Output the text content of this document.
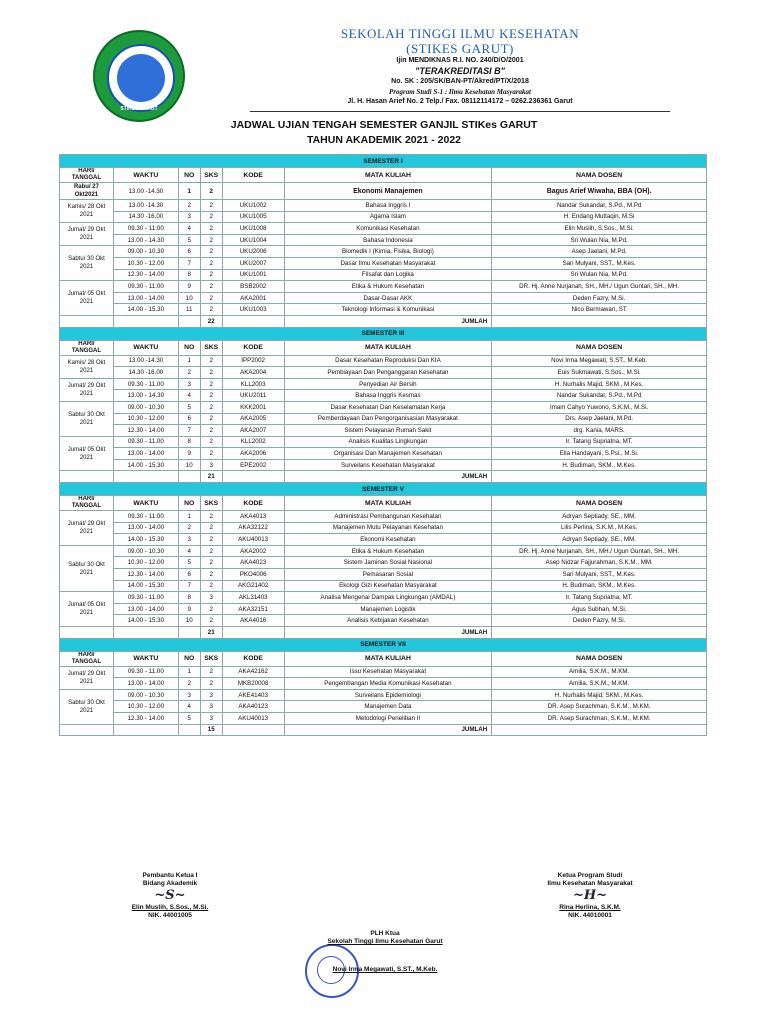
STIKES GARUT
SEKOLAH TINGGI ILMU KESEHATAN
(STIKES GARUT)
Ijin MENDIKNAS R.I. NO. 240/D/O/2001
"TERAKREDITASI B"
No. SK : 205/SK/BAN-PT/Akred/PT/X/2018
Program Studi S-1 : Ilmu Kesehatan Masyarakat
Jl. H. Hasan Arief No. 2 Telp./ Fax. 08112114172 – 0262.236361 Garut
JADWAL UJIAN TENGAH SEMESTER GANJIL STIKes GARUT
TAHUN AKADEMIK 2021 - 2022
SEMESTER I						
HARI/ TANGGAL	WAKTU	NO	SKS	KODE	MATA KULIAH	NAMA DOSEN
Rabu/ 27 Okt2021	13.00 -14.30	1	2		Ekonomi Manajemen	Bagus Arief Wiwaha, BBA (OH).
Kamis/ 28 Okt 2021	13.00 -14.30	2	2	UKU1002	Bahasa Inggris I	Nandar Sukandar, S.Pd., M.Pd
	14.30 -16.00	3	2	UKU1005	Agama Islam	H. Endang Muttaqin, M.Si
Jumat/ 29 Okt 2021	09.30 - 11.00	4	2	UKU1008	Komunikasi Kesehatan	Elin Muslih, S.Sos., M.Si.
	13.00 - 14.30	5	2	UKU1004	Bahasa Indonesia	Sri Wulan Nia, M.Pd.
Sabtu/ 30 Okt 2021	09.00 - 10.30	6	2	UKU2006	Biomedik I (Kimia, Fisika, Biologi)	Asep Jaelani, M.Pd.
	10.30 - 12.00	7	2	UKU2007	Dasar Ilmu Kesehatan Masyarakat	Sari Mulyani, SST., M.Kes.
	12.30 - 14.00	8	2	UKU1001	Filsafat dan Logika	Sri Wulan Nia, M.Pd.
Jumat/ 05 Okt 2021	09.30 - 11.00	9	2	BSB2002	Etika & Hukum Kesehatan	DR. Hj. Anne Nurjanah, SH., MH./ Ugun Guntari, SH., MH.
	13.00 - 14.00	10	2	AKA2001	Dasar-Dasar AKK	Deden Fazry, M.Si.
	14.00 - 15.30	11	2	UKU1003	Teknologi Informasi & Komunikasi	Nico Bermawan, ST
			22		JUMLAH	
SEMESTER III						
HARI/ TANGGAL	WAKTU	NO	SKS	KODE	MATA KULIAH	NAMA DOSEN
Kamis/ 28 Okt 2021	13.00 -14.30	1	2	IPP2002	Dasar Kesehatan Reproduksi Dan KIA	Novi Irma Megawati, S.ST., M.Keb.
	14.30 -16.00	2	2	AKA2004	Pembiayaan Dan Penganggaran Kesehatan	Euis Sukmawati, S.Sos., M.Si.
Jumat/ 29 Okt 2021	09.30 - 11.00	3	2	KLL2003	Penyedian Air Bersih	H. Nurhalis Majid, SKM., M.Kes.
	13.00 - 14.30	4	2	UKU2011	Bahasa Inggris Kesmas	Nandar Sukandar, S.Pd., M.Pd
Sabtu/ 30 Okt 2021	09.00 - 10.30	5	2	KKK2001	Dasar Kesehatan Dan Keselamatan Kerja	Imam Cahyo Yuwono, S.K.M., M.Si.
	10.30 - 12.00	6	2	AKA2005	Pemberdayaan Dan Pengorganisasian Masyarakat	Drs. Asep Jaelani, M.Pd.
	12.30 - 14.00	7	2	AKA2007	Sistem Pelayanan Rumah Sakit	drg. Kania, MARS.
Jumat/ 05 Okt 2021	09.30 - 11.00	8	2	KLL2002	Analisis Kualitas Lingkungan	Ir. Tatang Supriatna, MT.
	13.00 - 14.00	9	2	AKA2006	Organisasi Dan Manajemen Kesehatan	Ella Handayani, S.Psi., M.Si.
	14.00 - 15.30	10	3	EPE2002	Surveilans Kesehatan Masyarakat	H. Budiman, SKM., M.Kes.
			21		JUMLAH	
SEMESTER V						
HARI/ TANGGAL	WAKTU	NO	SKS	KODE	MATA KULIAH	NAMA DOSEN
Jumat/ 29 Okt 2021	09.30 - 11.00	1	2	AKA4013	Administrasi Pembangunan Kesehatan	Adryan Septiady, SE., MM.
	13.00 - 14.00	2	2	AKA32122	Manajemen Mutu Pelayanan Kesehatan	Lilis Perlina, S.K.M., M.Kes.
	14.00 - 15.30	3	2	AKU40013	Ekonomi Kesehatan	Adryan Septiady, SE., MM.
Sabtu/ 30 Okt 2021	09.00 - 10.30	4	2	AKA2002	Etika & Hukum Kesehatan	DR. Hj. Anne Nurjanah, SH., MH./ Ugun Guntari, SH., MH.
	10.30 - 12.00	5	2	AKA4023	Sistem Jaminan Sosial Nasional	Asep Nidzar Fajjurahman, S.K.M., MM.
	12.30 - 14.00	6	2	PKO4006	Pemasaran Sosial	Sari Mulyani, SST., M.Kes.
	14.00 - 15.30	7	2	AKG21402	Ekologi Gizi Kesehatan Masyarakat	H. Budiman, SKM., M.Kes.
Jumat/ 05 Okt 2021	09.30 - 11.00	8	3	AKL31403	Analisa Mengenai Dampak Lingkungan (AMDAL)	Ir. Tatang Supriatna, MT.
	13.00 - 14.00	9	2	AKA32151	Manajemen Logistik	Agus Subhan, M.Si.
	14.00 - 15.30	10	2	AKA4016	Analisis Kebijakan Kesehatan	Deden Fazry, M.Si.
			21		JUMLAH	
SEMESTER VII						
HARI/ TANGGAL	WAKTU	NO	SKS	KODE	MATA KULIAH	NAMA DOSEN
Jumat/ 29 Okt 2021	09.30 - 11.00	1	2	AKA42162	Issu Kesehatan Masyarakat	Amilia, S.K.M., M.KM.
	13.00 - 14.00	2	2	MKB20008	Pengembangan Media Komunikasi Kesehatan	Amilia, S.K.M., M.KM.
Sabtu/ 30 Okt 2021	09.00 - 10.30	3	3	AKE41403	Surveilans Epidemiologi	H. Nurhalis Majid, SKM., M.Kes.
	10.30 - 12.00	4	3	AKA40123	Manajemen Data	DR. Asep Surachman, S.K.M., M.KM.
	12.30 - 14.00	5	3	AKU40013	Metodologi Penelitian II	DR. Asep Surachman, S.K.M., M.KM.
			15		JUMLAH	
Pembantu Ketua I
Bidang Akademik
~S~
Elin Muslih, S.Sos., M.Si.
NIK. 44001005
Ketua Program Studi
Ilmu Kesehatan Masyarakat
~H~
Rina Herlina, S.K.M.
NIK. 44010001
PLH Ktua
Sekolah Tinggi Ilmu Kesehatan Garut
Novi Irma Megawati, S.ST., M.Keb.
